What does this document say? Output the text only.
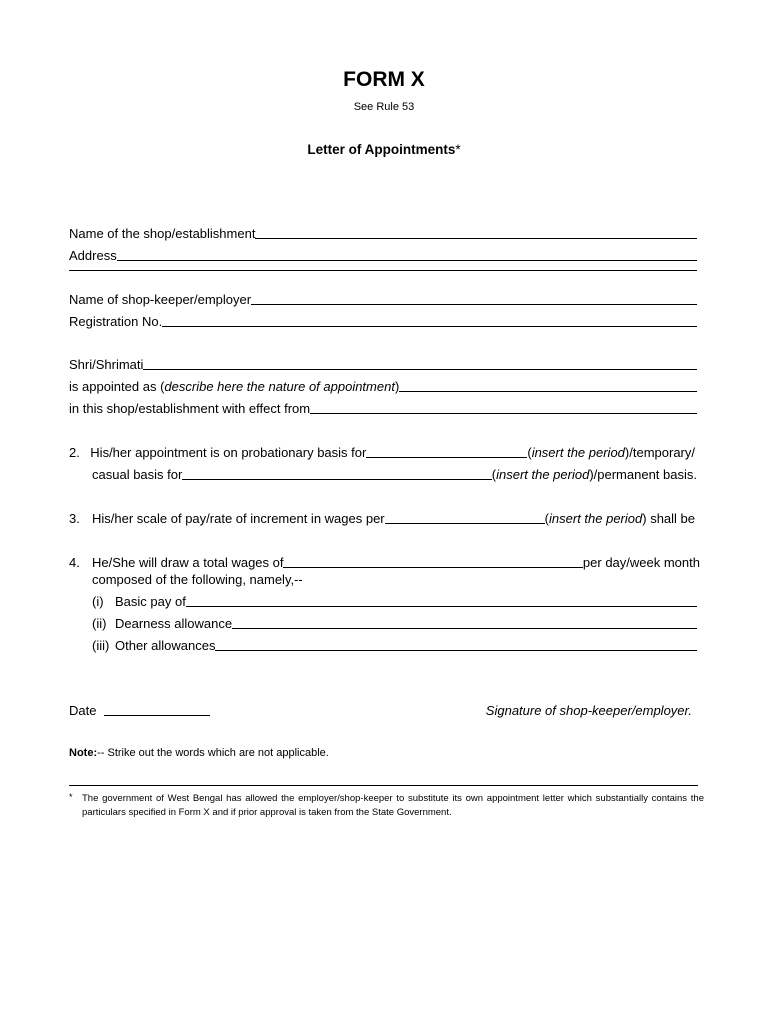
FORM X
See Rule 53
Letter of Appointments*
Name of the shop/establishment
Address
Name of shop-keeper/employer
Registration No.
Shri/Shrimati
is appointed as (describe here the nature of appointment)
in this shop/establishment with effect from
2. His/her appointment is on probationary basis for	(insert the period)/temporary/
casual basis for	(insert the period)/permanent basis.
3. His/her scale of pay/rate of increment in wages per	(insert the period) shall be
4. He/She will draw a total wages of	per day/week month
composed of the following, namely,--
(i) Basic pay of
(ii) Dearness allowance
(iii) Other allowances
Date	Signature of shop-keeper/employer.
Note:-- Strike out the words which are not applicable.
* The government of West Bengal has allowed the employer/shop-keeper to substitute its own appointment letter which substantially contains the particulars specified in Form X and if prior approval is taken from the State Government.
